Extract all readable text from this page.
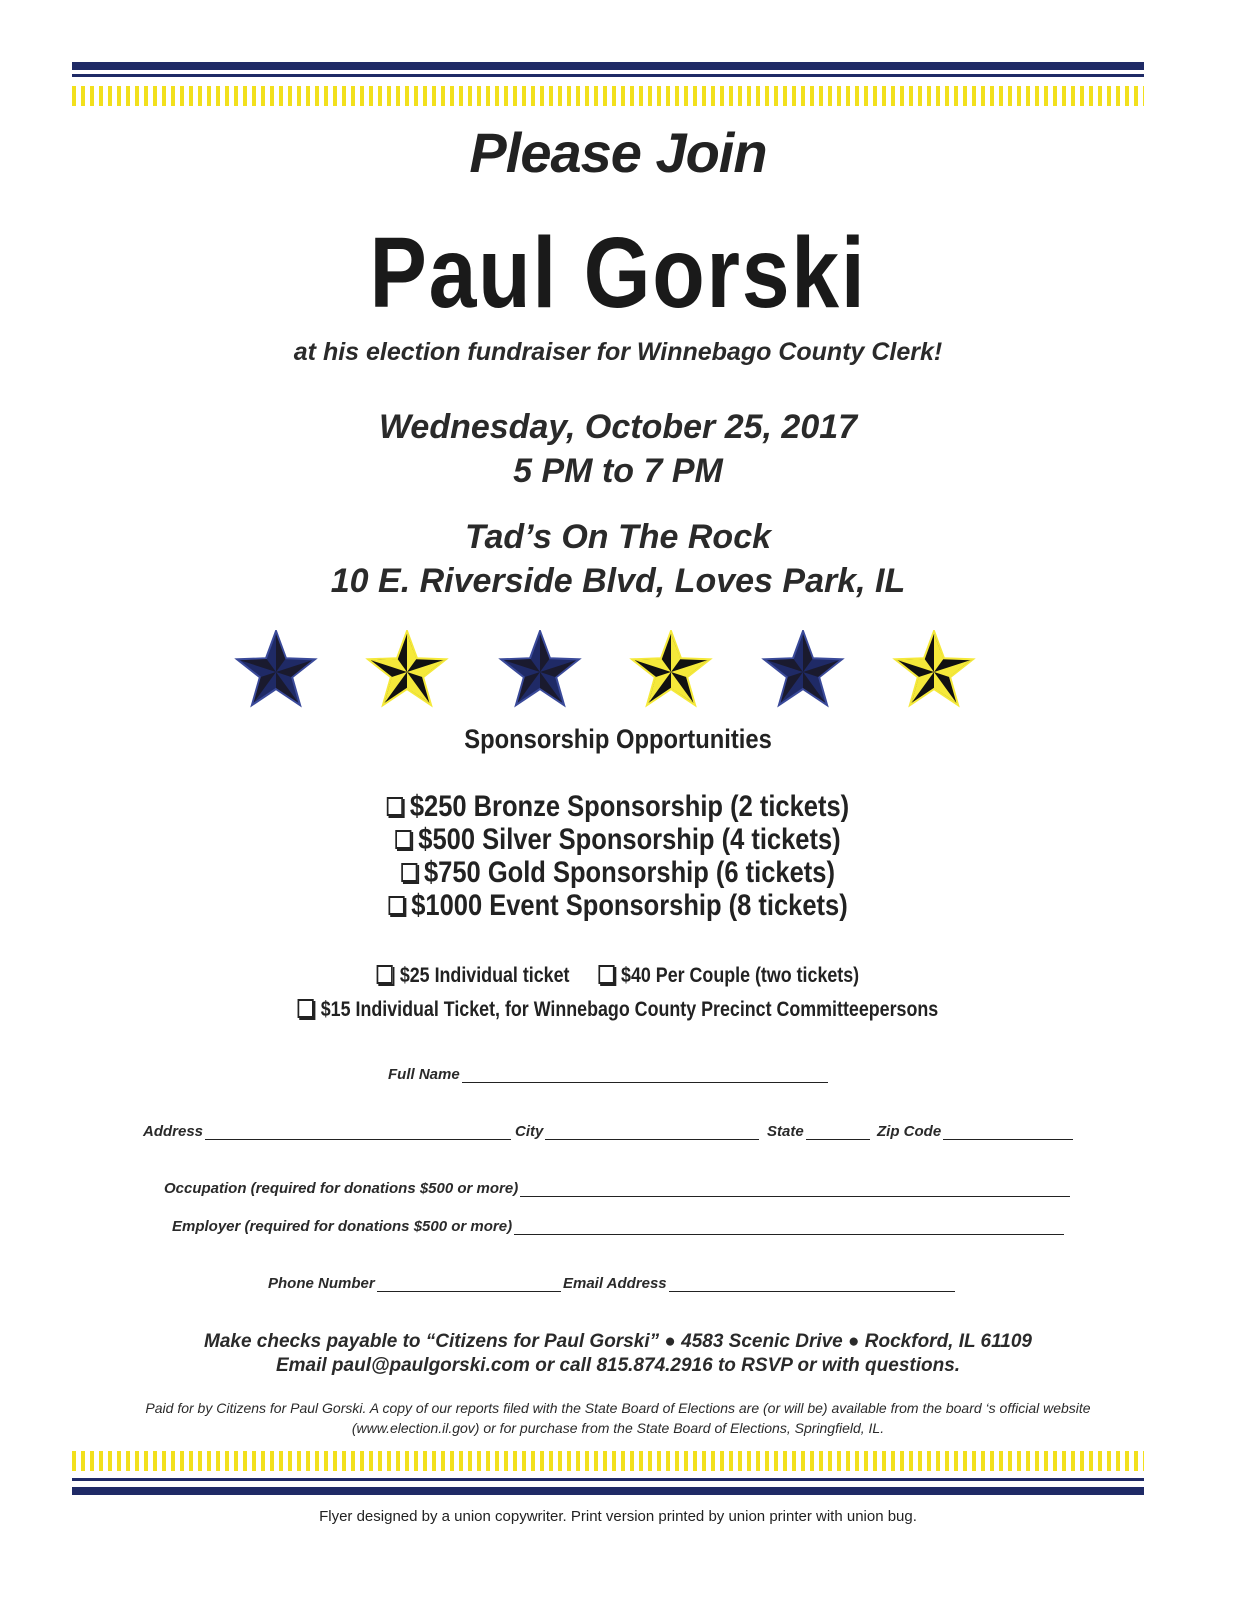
Please Join
Paul Gorski
at his election fundraiser for Winnebago County Clerk!
Wednesday, October 25, 2017
5 PM to 7 PM
Tad’s On The Rock
10 E. Riverside Blvd, Loves Park, IL
Sponsorship Opportunities
$250 Bronze Sponsorship (2 tickets)
$500 Silver Sponsorship (4 tickets)
$750 Gold Sponsorship (6 tickets)
$1000 Event Sponsorship (8 tickets)
$25 Individual ticket $40 Per Couple (two tickets)
$15 Individual Ticket, for Winnebago County Precinct Committeepersons
Full Name
Address	City	State	Zip Code
Occupation (required for donations $500 or more)
Employer (required for donations $500 or more)
Phone Number	Email Address
Make checks payable to “Citizens for Paul Gorski” ● 4583 Scenic Drive ● Rockford, IL 61109
Email paul@paulgorski.com or call 815.874.2916 to RSVP or with questions.
Paid for by Citizens for Paul Gorski. A copy of our reports filed with the State Board of Elections are (or will be) available from the board ‘s official website
(www.election.il.gov) or for purchase from the State Board of Elections, Springfield, IL.
Flyer designed by a union copywriter. Print version printed by union printer with union bug.
